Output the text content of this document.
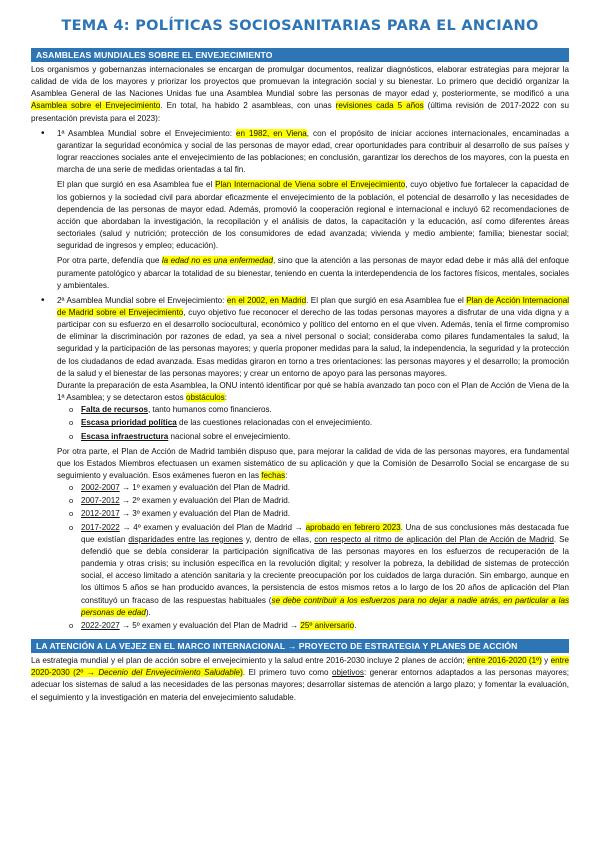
TEMA 4: POLÍTICAS SOCIOSANITARIAS PARA EL ANCIANO
ASAMBLEAS MUNDIALES SOBRE EL ENVEJECIMIENTO

Los organismos y gobernanzas internacionales se encargan de promulgar documentos, realizar diagnósticos, elaborar estrategias para mejorar la calidad de vida de los mayores y priorizar los proyectos que promuevan la integración social y su bienestar. Lo primero que decidió organizar la Asamblea General de las Naciones Unidas fue una Asamblea Mundial sobre las personas de mayor edad y, posteriormente, se modificó a una Asamblea sobre el Envejecimiento. En total, ha habido 2 asambleas, con unas revisiones cada 5 años (última revisión de 2017-2022 con su presentación prevista para el 2023):

• 1ª Asamblea Mundial sobre el Envejecimiento: en 1982, en Viena, con el propósito de iniciar acciones internacionales, encaminadas a garantizar la seguridad económica y social de las personas de mayor edad, crear oportunidades para contribuir al desarrollo de sus países y lograr reacciones sociales ante el envejecimiento de las poblaciones; en conclusión, garantizar los derechos de los mayores, con la puesta en marcha de una serie de medidas orientadas a tal fin.

El plan que surgió en esa Asamblea fue el Plan Internacional de Viena sobre el Envejecimiento, cuyo objetivo fue fortalecer la capacidad de los gobiernos y la sociedad civil para abordar eficazmente el envejecimiento de la población, el potencial de desarrollo y las necesidades de dependencia de las personas de mayor edad. Además, promovió la cooperación regional e internacional e incluyó 62 recomendaciones de acción que abordaban la investigación, la recopilación y el análisis de datos, la capacitación y la educación, así como diferentes áreas sectoriales (salud y nutrición; protección de los consumidores de edad avanzada; vivienda y medio ambiente; familia; bienestar social; seguridad de ingresos y empleo; educación).

Por otra parte, defendía que la edad no es una enfermedad, sino que la atención a las personas de mayor edad debe ir más allá del enfoque puramente patológico y abarcar la totalidad de su bienestar, teniendo en cuenta la interdependencia de los factores físicos, mentales, sociales y ambientales.

• 2ª Asamblea Mundial sobre el Envejecimiento: en el 2002, en Madrid. El plan que surgió en esa Asamblea fue el Plan de Acción Internacional de Madrid sobre el Envejecimiento, cuyo objetivo fue reconocer el derecho de las todas personas mayores a disfrutar de una vida digna y a participar con su esfuerzo en el desarrollo sociocultural, económico y político del entorno en el que viven. Además, tenía el firme compromiso de eliminar la discriminación por razones de edad, ya sea a nivel personal o social; consideraba como pilares fundamentales la salud, la seguridad y la participación de las personas mayores; y quería proponer medidas para la salud, la independencia, la seguridad y la protección de los ciudadanos de edad avanzada. Esas medidas giraron en torno a tres orientaciones: las personas mayores y el desarrollo; la promoción de la salud y el bienestar de las personas mayores; y crear un entorno de apoyo para las personas mayores.

Durante la preparación de esta Asamblea, la ONU intentó identificar por qué se había avanzado tan poco con el Plan de Acción de Viena de la 1ª Asamblea; y se detectaron estos obstáculos:

o Falta de recursos, tanto humanos como financieros.

o Escasa prioridad política de las cuestiones relacionadas con el envejecimiento.

o Escasa infraestructura nacional sobre el envejecimiento.

Por otra parte, el Plan de Acción de Madrid también dispuso que, para mejorar la calidad de vida de las personas mayores, era fundamental que los Estados Miembros efectuasen un examen sistemático de su aplicación y que la Comisión de Desarrollo Social se encargase de su seguimiento y evaluación. Esos exámenes fueron en las fechas:

o 2002-2007 → 1º examen y evaluación del Plan de Madrid.

o 2007-2012 → 2º examen y evaluación del Plan de Madrid.

o 2012-2017 → 3º examen y evaluación del Plan de Madrid.

o 2017-2022 → 4º examen y evaluación del Plan de Madrid → aprobado en febrero 2023. Una de sus conclusiones más destacada fue que existían disparidades entre las regiones y, dentro de ellas, con respecto al ritmo de aplicación del Plan de Acción de Madrid. Se defendió que se debía considerar la participación significativa de las personas mayores en los esfuerzos de recuperación de la pandemia y otras crisis; su inclusión específica en la revolución digital; y resolver la pobreza, la debilidad de sistemas de protección social, el acceso limitado a atención sanitaria y la creciente preocupación por los cuidados de larga duración. Sin embargo, aunque en los últimos 5 años se han producido avances, la persistencia de estos mismos retos a lo largo de los 20 años de aplicación del Plan constituyó un fracaso de las respuestas habituales (se debe contribuir a los esfuerzos para no dejar a nadie atrás, en particular a las personas de edad).

o 2022-2027 → 5º examen y evaluación del Plan de Madrid → 25º aniversario.

LA ATENCIÓN A LA VEJEZ EN EL MARCO INTERNACIONAL → PROYECTO DE ESTRATEGIA Y PLANES DE ACCIÓN

La estrategia mundial y el plan de acción sobre el envejecimiento y la salud entre 2016-2030 incluye 2 planes de acción; entre 2016-2020 (1º) y entre 2020-2030 (2º → Decenio del Envejecimiento Saludable). El primero tuvo como objetivos: generar entornos adaptados a las personas mayores; adecuar los sistemas de salud a las necesidades de las personas mayores; desarrollar sistemas de atención a largo plazo; y fomentar la evaluación, el seguimiento y la investigación en materia del envejecimiento saludable.
